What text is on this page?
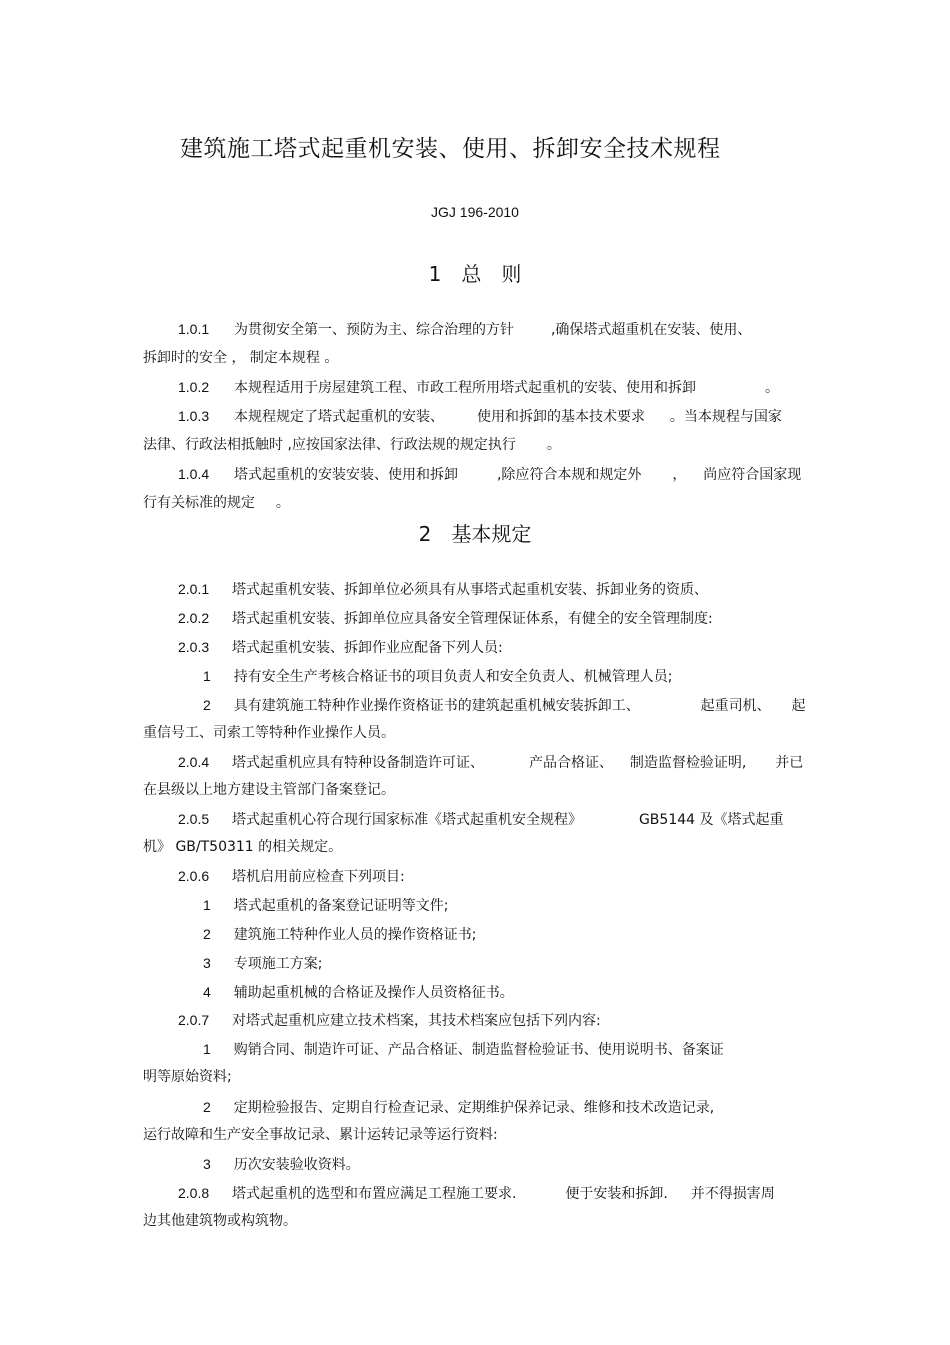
建筑施工塔式起重机安装、使用、拆卸安全技术规程
JGJ 196-2010
1　总　则
1.0.1 为贯彻安全第一、预防为主、综合治理的方针	,确保塔式超重机在安装、使用、
拆卸时的安全 ， 制定本规程 。
1.0.2 本规程适用于房屋建筑工程、市政工程所用塔式起重机的安装、使用和拆卸	。
1.0.3 本规程规定了塔式起重机的安装、 使用和拆卸的基本技术要求 。当本规程与国家
法律、行政法相抵触时 ,应按国家法律、行政法规的规定执行 。
1.0.4 塔式起重机的安装安装、使用和拆卸	,除应符合本规和规定外 ， 尚应符合国家现
行有关标准的规定 。
2　基本规定
2.0.1 塔式起重机安装、拆卸单位必须具有从事塔式起重机安装、拆卸业务的资质、
2.0.2 塔式起重机安装、拆卸单位应具备安全管理保证体系，有健全的安全管理制度:
2.0.3 塔式起重机安装、拆卸作业应配备下列人员:
1 持有安全生产考核合格证书的项目负责人和安全负责人、机械管理人员;
2 具有建筑施工特种作业操作资格证书的建筑起重机械安装拆卸工、	起重司机、 起
重信号工、司索工等特种作业操作人员。
2.0.4 塔式起重机应具有特种设备制造许可证、	产品合格证、 制造监督检验证明, 并已
在县级以上地方建设主管部门备案登记。
2.0.5 塔式起重机心符合现行国家标准《塔式起重机安全规程》	GB5144 及《塔式起重
机》 GB/T50311 的相关规定。
2.0.6 塔机启用前应检查下列项目:
1 塔式起重机的备案登记证明等文件;
2 建筑施工特种作业人员的操作资格证书;
3 专项施工方案;
4 辅助起重机械的合格证及操作人员资格征书。
2.0.7 对塔式起重机应建立技术档案，其技术档案应包括下列内容:
1 购销合同、制造许可证、产品合格证、制造监督检验证书、使用说明书、备案证
明等原始资料;
2 定期检验报告、定期自行检查记录、定期维护保养记录、维修和技术改造记录,
运行故障和生产安全事故记录、累计运转记录等运行资料:
3 历次安装验收资料。
2.0.8 塔式起重机的选型和布置应满足工程施工要求.	便于安装和拆卸. 并不得损害周
边其他建筑物或构筑物。
